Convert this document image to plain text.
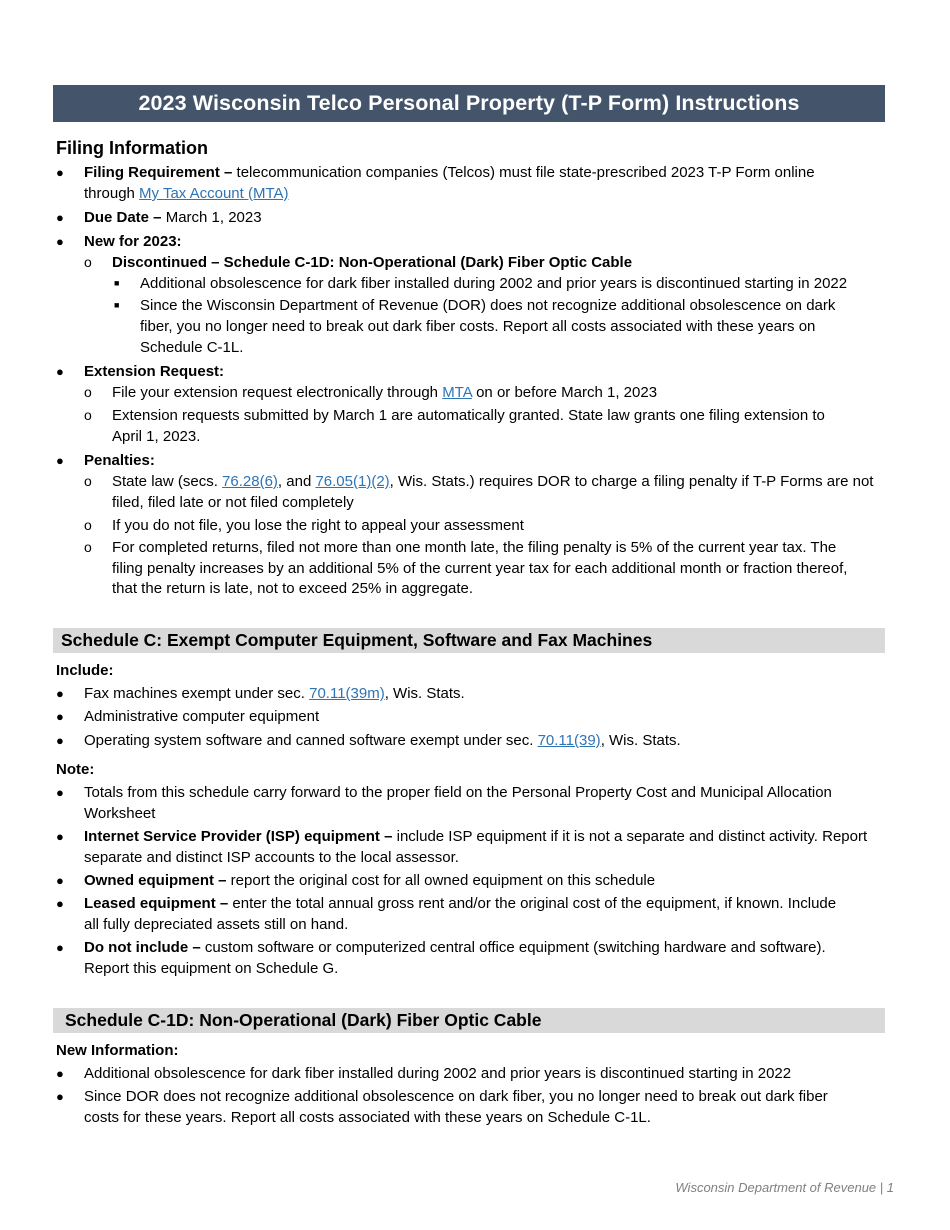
2023 Wisconsin Telco Personal Property (T-P Form) Instructions
Filing Information
● Filing Requirement – telecommunication companies (Telcos) must file state-prescribed 2023 T-P Form online
through My Tax Account (MTA)
● Due Date – March 1, 2023
● New for 2023:
o Discontinued – Schedule C-1D: Non-Operational (Dark) Fiber Optic Cable
■ Additional obsolescence for dark fiber installed during 2002 and prior years is discontinued starting in 2022
■ Since the Wisconsin Department of Revenue (DOR) does not recognize additional obsolescence on dark
fiber, you no longer need to break out dark fiber costs. Report all costs associated with these years on
Schedule C-1L.
● Extension Request:
o File your extension request electronically through MTA on or before March 1, 2023
o Extension requests submitted by March 1 are automatically granted. State law grants one filing extension to
April 1, 2023.
● Penalties:
o State law (secs. 76.28(6), and 76.05(1)(2), Wis. Stats.) requires DOR to charge a filing penalty if T-P Forms are not
filed, filed late or not filed completely
o If you do not file, you lose the right to appeal your assessment
o For completed returns, filed not more than one month late, the filing penalty is 5% of the current year tax. The
filing penalty increases by an additional 5% of the current year tax for each additional month or fraction thereof,
that the return is late, not to exceed 25% in aggregate.
Schedule C: Exempt Computer Equipment, Software and Fax Machines
Include:
● Fax machines exempt under sec. 70.11(39m), Wis. Stats.
● Administrative computer equipment
● Operating system software and canned software exempt under sec. 70.11(39), Wis. Stats.
Note:
● Totals from this schedule carry forward to the proper field on the Personal Property Cost and Municipal Allocation
Worksheet
● Internet Service Provider (ISP) equipment – include ISP equipment if it is not a separate and distinct activity. Report
separate and distinct ISP accounts to the local assessor.
● Owned equipment – report the original cost for all owned equipment on this schedule
● Leased equipment – enter the total annual gross rent and/or the original cost of the equipment, if known. Include
all fully depreciated assets still on hand.
● Do not include – custom software or computerized central office equipment (switching hardware and software).
Report this equipment on Schedule G.
Schedule C-1D: Non-Operational (Dark) Fiber Optic Cable
New Information:
● Additional obsolescence for dark fiber installed during 2002 and prior years is discontinued starting in 2022
● Since DOR does not recognize additional obsolescence on dark fiber, you no longer need to break out dark fiber
costs for these years. Report all costs associated with these years on Schedule C-1L.
Wisconsin Department of Revenue | 1
